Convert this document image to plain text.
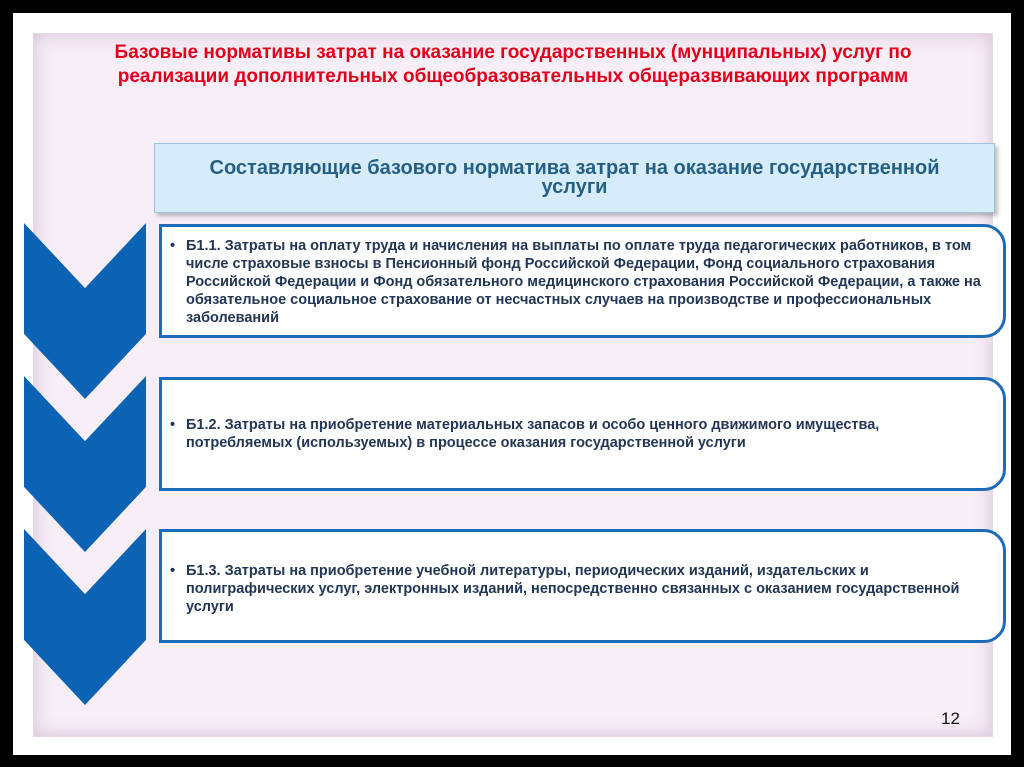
Базовые нормативы затрат на оказание государственных (мунципальных) услуг по реализации дополнительных общеобразовательных общеразвивающих программ
Составляющие базового норматива затрат на оказание государственной услуги
• Б1.1. Затраты на оплату труда и начисления на выплаты по оплате труда педагогических работников, в том числе страховые взносы в Пенсионный фонд Российской Федерации, Фонд социального страхования Российской Федерации и Фонд обязательного медицинского страхования Российской Федерации, а также на обязательное социальное страхование от несчастных случаев на производстве и профессиональных заболеваний
• Б1.2. Затраты на приобретение материальных запасов и особо ценного движимого имущества, потребляемых (используемых) в процессе оказания государственной услуги
• Б1.3. Затраты на приобретение учебной литературы, периодических изданий, издательских и полиграфических услуг, электронных изданий, непосредственно связанных с оказанием государственной услуги
12
